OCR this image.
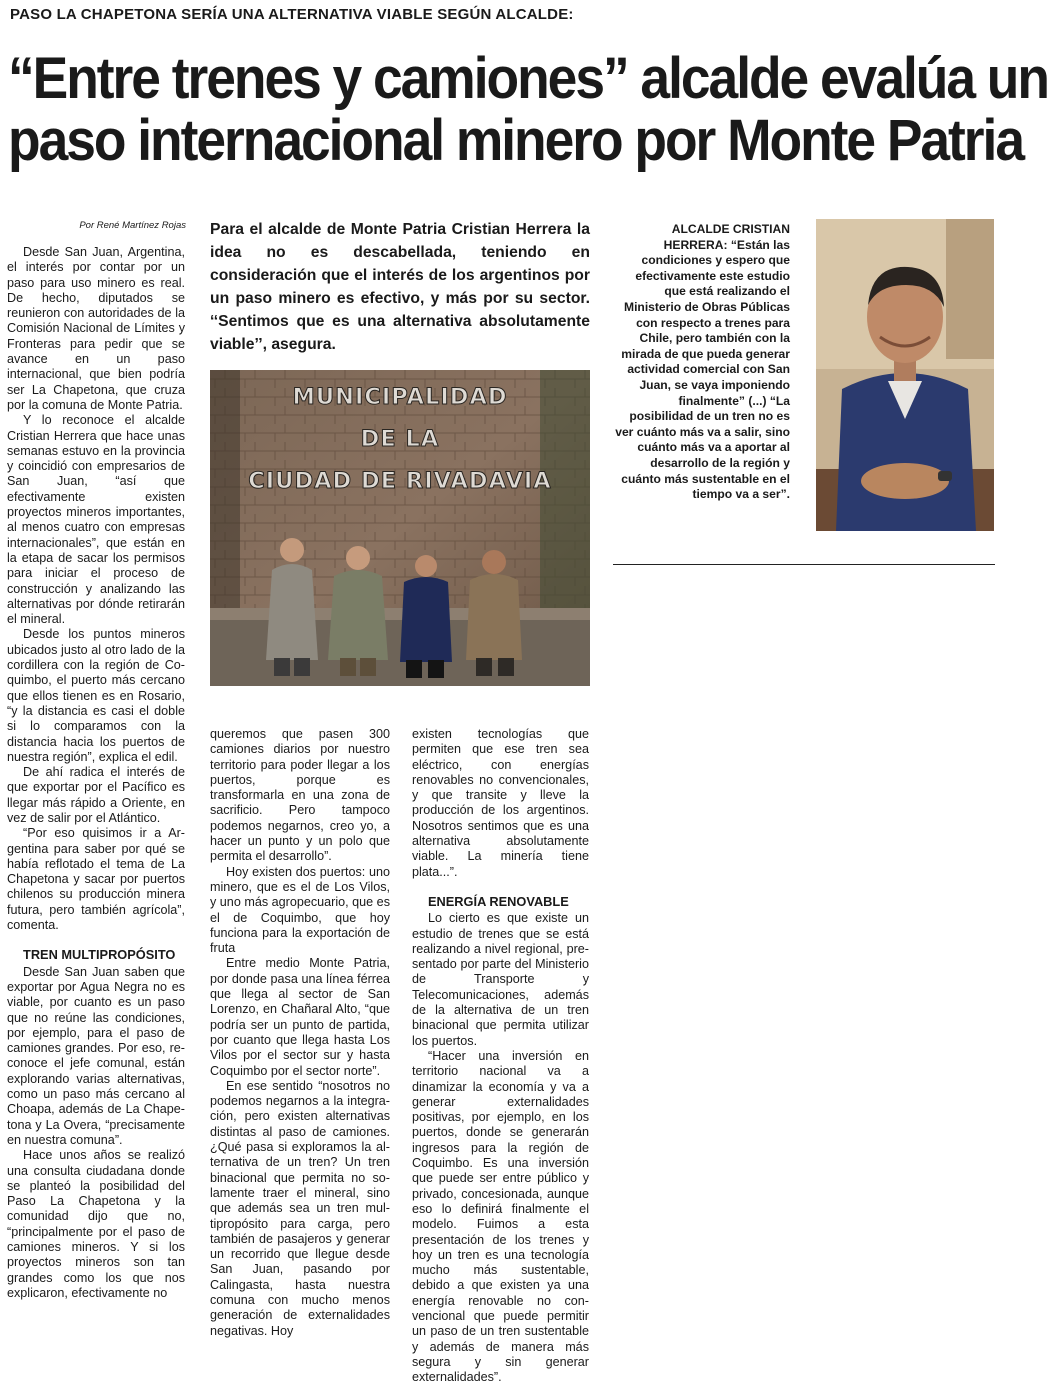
PASO LA CHAPETONA SERÍA UNA ALTERNATIVA VIABLE SEGÚN ALCALDE:
“Entre trenes y camiones” alcalde evalúa un
paso internacional minero por Monte Patria
Por René Martínez Rojas

Desde San Juan, Argentina, el interés por contar por un paso para uso minero es real. De hecho, diputados se reunieron con autoridades de la Comisión Nacional de Límites y Fronteras para pedir que se avance en un paso internacional, que bien podría ser La Chapetona, que cruza por la comuna de Monte Patria.

Y lo reconoce el alcalde Cristian Herrera que hace unas semanas estuvo en la provincia y coincidió con empresarios de San Juan, “así que efectivamente existen proyectos mineros importantes, al menos cuatro con empresas internacionales”, que están en la etapa de sacar los permisos para iniciar el proceso de construcción y analizando las alternativas por dónde retirarán el mineral.

Desde los puntos mineros ubicados justo al otro lado de la cordillera con la región de Coquimbo, el puerto más cercano que ellos tienen es en Rosario, “y la distancia es casi el doble si lo comparamos con la distancia hacia los puertos de nuestra región”, explica el edil.

De ahí radica el interés de que exportar por el Pacífico es llegar más rápido a Oriente, en vez de salir por el Atlántico.

“Por eso quisimos ir a Argentina para saber por qué se había reflotado el tema de La Chapetona y sacar por puertos chilenos su producción minera futura, pero también agrícola”, comenta.

TREN MULTIPROPÓSITO

Desde San Juan saben que exportar por Agua Negra no es viable, por cuanto es un paso que no reúne las condiciones, por ejemplo, para el paso de camiones grandes. Por eso, reconoce el jefe comunal, están explorando varias alternativas, como un paso más cercano al Choapa, además de La Chapetona y La Overa, “precisamente en nuestra comuna”.

Hace unos años se realizó una consulta ciudadana donde se planteó la posibilidad del Paso La Chapetona y la comunidad dijo que no, “principalmente por el paso de camiones mineros. Y si los proyectos mineros son tan grandes como los que nos explicaron, efectivamente no

Para el alcalde de Monte Patria Cristian Herrera la idea no es descabellada, teniendo en consideración que el interés de los argentinos por un paso minero es efectivo, y más por su sector. ‘‘Sentimos que es una alternativa absolutamente viable’’, asegura.

MUNICIPALIDAD
DE LA
CIUDAD DE RIVADAVIA

ALCALDE CRISTIAN HERRERA: “Están las condiciones y espero que efectivamente este estudio que está realizando el Ministerio de Obras Públicas con respecto a trenes para Chile, pero también con la mirada de que pueda generar actividad comercial con San Juan, se vaya imponiendo finalmente” (...) “La posibilidad de un tren no es ver cuánto más va a salir, sino cuánto más va a aportar al desarrollo de la región y cuánto más sustentable en el tiempo va a ser”.

queremos que pasen 300 camiones diarios por nuestro territorio para poder llegar a los puertos, porque es transformarla en una zona de sacrificio. Pero tampoco podemos negarnos, creo yo, a hacer un punto y un polo que permita el desarrollo”.

Hoy existen dos puertos: uno minero, que es el de Los Vilos, y uno más agropecuario, que es el de Coquimbo, que hoy funciona para la exportación de fruta

Entre medio Monte Patria, por donde pasa una línea férrea que llega al sector de San Lorenzo, en Chañaral Alto, “que podría ser un punto de partida, por cuanto que llega hasta Los Vilos por el sector sur y hasta Coquimbo por el sector norte”.

En ese sentido “nosotros no podemos negarnos a la integración, pero existen alternativas distintas al paso de camiones. ¿Qué pasa si exploramos la alternativa de un tren? Un tren binacional que permita no solamente traer el mineral, sino que además sea un tren multipropósito para carga, pero también de pasajeros y generar un recorrido que llegue desde San Juan, pasando por Calingasta, hasta nuestra comuna con mucho menos generación de externalidades negativas. Hoy

existen tecnologías que permiten que ese tren sea eléctrico, con energías renovables no convencionales, y que transite y lleve la producción de los argentinos. Nosotros sentimos que es una alternativa absolutamente viable. La minería tiene plata...”.

ENERGÍA RENOVABLE

Lo cierto es que existe un estudio de trenes que se está realizando a nivel regional, presentado por parte del Ministerio de Transporte y Telecomunicaciones, además de la alternativa de un tren binacional que permita utilizar los puertos.

“Hacer una inversión en territorio nacional va a dinamizar la economía y va a generar externalidades positivas, por ejemplo, en los puertos, donde se generarán ingresos para la región de Coquimbo. Es una inversión que puede ser entre público y privado, concesionada, aunque eso lo definirá finalmente el modelo. Fuimos a esta presentación de los trenes y hoy un tren es una tecnología mucho más sustentable, debido a que existen ya una energía renovable no convencional que puede permitir un paso de un tren sustentable y además de manera más segura y sin generar externalidades”.
